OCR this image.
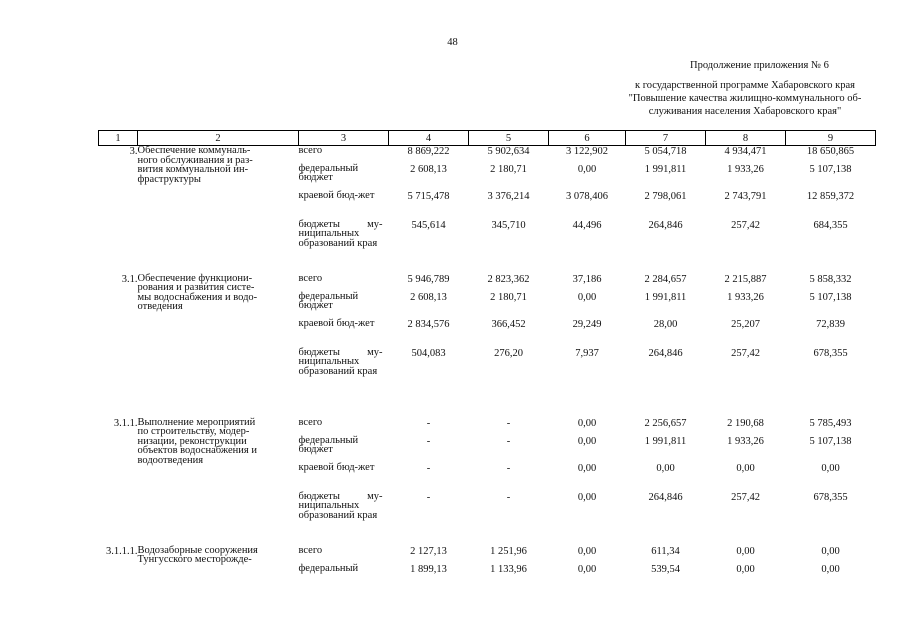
48
Продолжение приложения № 6
к государственной программе Хабаровского края
"Повышение качества жилищно-коммунального об-
служивания населения Хабаровского края"
1	2	3	4	5	6	7	8	9
3.	Обеспечение коммуналь-
ного обслуживания и раз-
вития коммунальной ин-
фраструктуры	всего	8 869,222	5 902,634	3 122,902	5 054,718	4 934,471	18 650,865

		федеральный бюджет	2 608,13	2 180,71	0,00	1 991,811	1 933,26	5 107,138

		краевой бюд-жет	5 715,478	3 376,214	3 078,406	2 798,061	2 743,791	12 859,372

		бюджеты му-ниципальных образований края	545,614	345,710	44,496	264,846	257,42	684,355

3.1.	Обеспечение функциони-
рования и развития систе-
мы водоснабжения и водо-
отведения	всего	5 946,789	2 823,362	37,186	2 284,657	2 215,887	5 858,332

		федеральный бюджет	2 608,13	2 180,71	0,00	1 991,811	1 933,26	5 107,138

		краевой бюд-жет	2 834,576	366,452	29,249	28,00	25,207	72,839

		бюджеты му-ниципальных образований края	504,083	276,20	7,937	264,846	257,42	678,355

3.1.1.	Выполнение мероприятий
по строительству, модер-
низации, реконструкции
объектов водоснабжения и
водоотведения	всего	-	-	0,00	2 256,657	2 190,68	5 785,493

		федеральный бюджет	-	-	0,00	1 991,811	1 933,26	5 107,138

		краевой бюд-жет	-	-	0,00	0,00	0,00	0,00

		бюджеты му-ниципальных образований края	-	-	0,00	264,846	257,42	678,355

3.1.1.1.	Водозаборные сооружения
Тунгусского месторожде-	всего	2 127,13	1 251,96	0,00	611,34	0,00	0,00

		федеральный	1 899,13	1 133,96	0,00	539,54	0,00	0,00
